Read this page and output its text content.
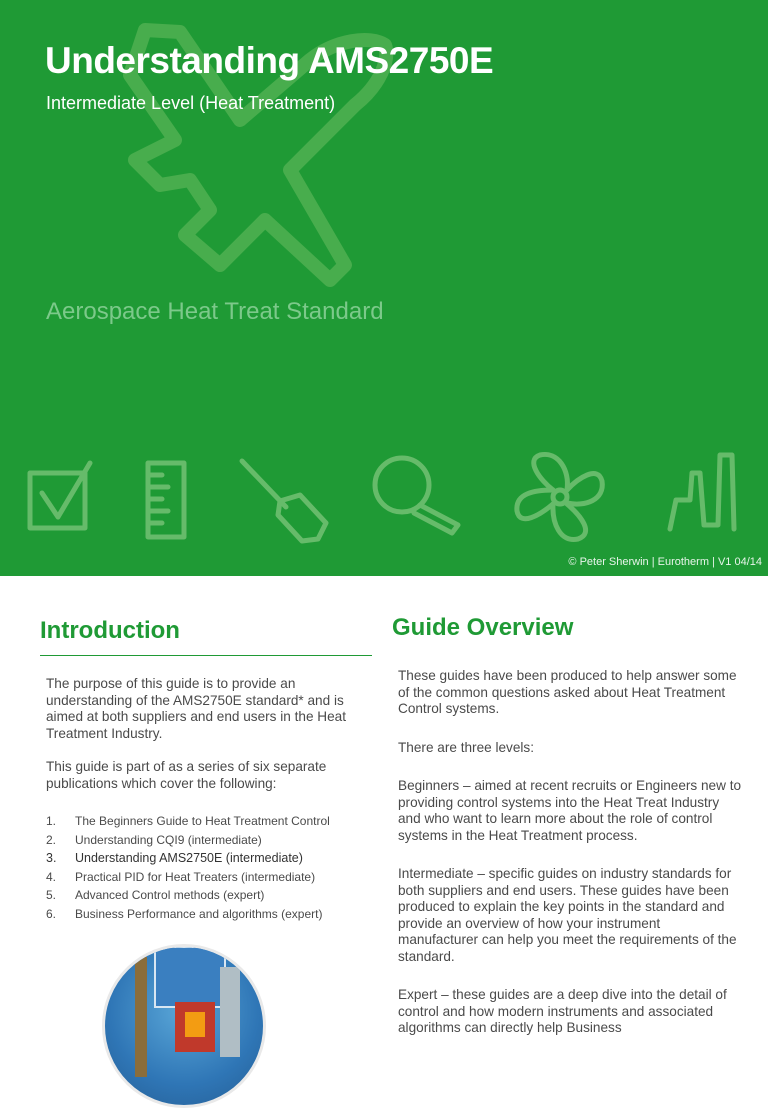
Understanding AMS2750E
Intermediate Level (Heat Treatment)
Aerospace Heat Treat Standard
© Peter Sherwin | Eurotherm | V1 04/14
Introduction

The purpose of this guide is to provide an understanding of the AMS2750E standard* and is aimed at both suppliers and end users in the Heat Treatment Industry.

This guide is part of as a series of six separate publications which cover the following:

1.	The Beginners Guide to Heat Treatment Control
2.	Understanding CQI9 (intermediate)
3.	Understanding AMS2750E (intermediate)
4.	Practical PID for Heat Treaters (intermediate)
5.	Advanced Control methods (expert)
6.	Business Performance and algorithms (expert)
Guide Overview

These guides have been produced to help answer some of the common questions asked about Heat Treatment Control systems.

There are three levels:

Beginners – aimed at recent recruits or Engineers new to providing control systems into the Heat Treat Industry and who want to learn more about the role of control systems in the Heat Treatment process.

Intermediate – specific guides on industry standards for both suppliers and end users. These guides have been produced to explain the key points in the standard and provide an overview of how your instrument manufacturer can help you meet the requirements of the standard.

Expert – these guides are a deep dive into the detail of control and how modern instruments and associated algorithms can directly help Business
